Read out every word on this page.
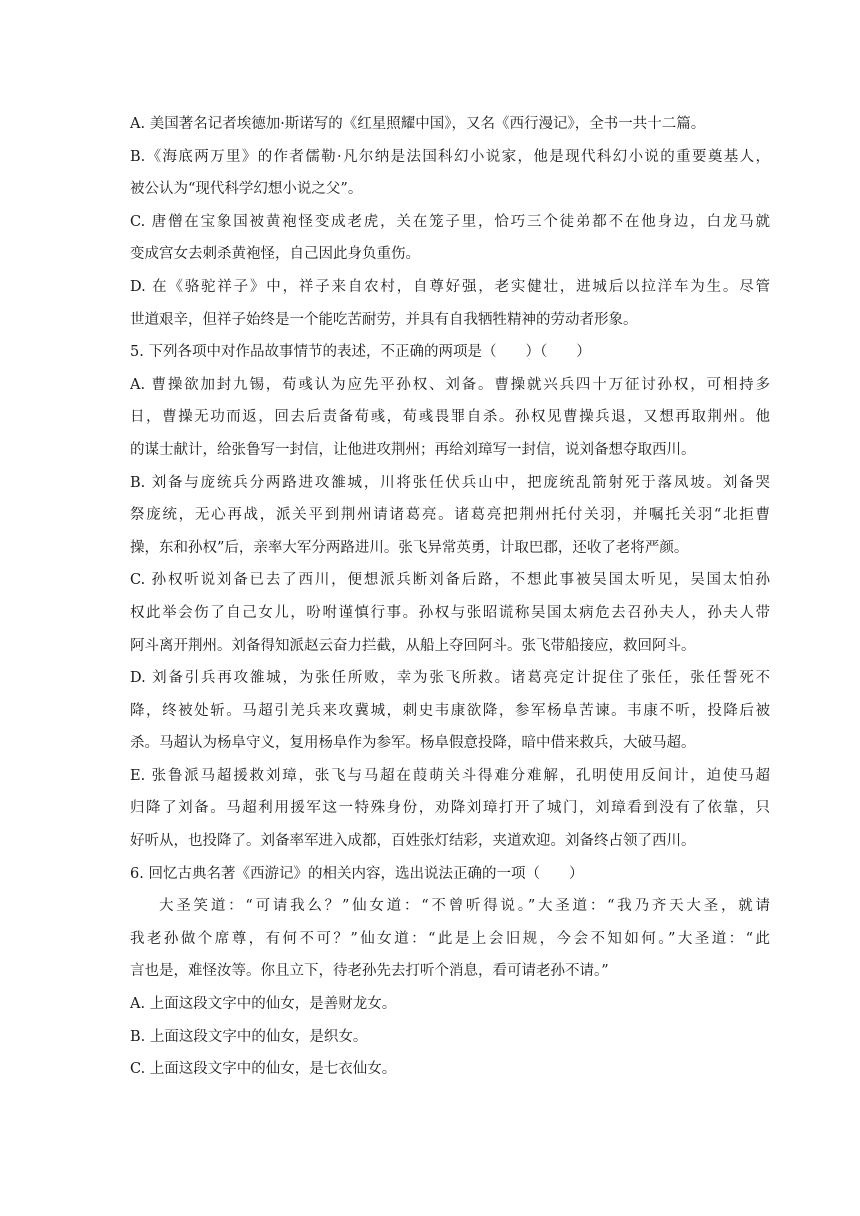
A. 美国著名记者埃德加·斯诺写的《红星照耀中国》，又名《西行漫记》，全书一共十二篇。
B.《海底两万里》的作者儒勒·凡尔纳是法国科幻小说家，他是现代科幻小说的重要奠基人，
被公认为“现代科学幻想小说之父”。
C. 唐僧在宝象国被黄袍怪变成老虎，关在笼子里，恰巧三个徒弟都不在他身边，白龙马就
变成宫女去刺杀黄袍怪，自己因此身负重伤。
D. 在《骆驼祥子》中，祥子来自农村，自尊好强，老实健壮，进城后以拉洋车为生。尽管
世道艰辛，但祥子始终是一个能吃苦耐劳，并具有自我牺牲精神的劳动者形象。
5. 下列各项中对作品故事情节的表述，不正确的两项是（　　）（　　）
A. 曹操欲加封九锡，荀彧认为应先平孙权、刘备。曹操就兴兵四十万征讨孙权，可相持多
日，曹操无功而返，回去后责备荀彧，荀彧畏罪自杀。孙权见曹操兵退，又想再取荆州。他
的谋士献计，给张鲁写一封信，让他进攻荆州；再给刘璋写一封信，说刘备想夺取西川。
B. 刘备与庞统兵分两路进攻雒城，川将张任伏兵山中，把庞统乱箭射死于落凤坡。刘备哭
祭庞统，无心再战，派关平到荆州请诸葛亮。诸葛亮把荆州托付关羽，并嘱托关羽“北拒曹
操，东和孙权”后，亲率大军分两路进川。张飞异常英勇，计取巴郡，还收了老将严颜。
C. 孙权听说刘备已去了西川，便想派兵断刘备后路，不想此事被吴国太听见，吴国太怕孙
权此举会伤了自己女儿，吩咐谨慎行事。孙权与张昭谎称吴国太病危去召孙夫人，孙夫人带
阿斗离开荆州。刘备得知派赵云奋力拦截，从船上夺回阿斗。张飞带船接应，救回阿斗。
D. 刘备引兵再攻雒城，为张任所败，幸为张飞所救。诸葛亮定计捉住了张任，张任誓死不
降，终被处斩。马超引羌兵来攻冀城，刺史韦康欲降，参军杨阜苦谏。韦康不听，投降后被
杀。马超认为杨阜守义，复用杨阜作为参军。杨阜假意投降，暗中借来救兵，大破马超。
E. 张鲁派马超援救刘璋，张飞与马超在葭萌关斗得难分难解，孔明使用反间计，迫使马超
归降了刘备。马超利用援军这一特殊身份，劝降刘璋打开了城门，刘璋看到没有了依靠，只
好听从，也投降了。刘备率军进入成都，百姓张灯结彩，夹道欢迎。刘备终占领了西川。
6. 回忆古典名著《西游记》的相关内容，选出说法正确的一项（　　）
大圣笑道：“可请我么？”仙女道：“不曾听得说。”大圣道：“我乃齐天大圣，就请
我老孙做个席尊，有何不可？”仙女道：“此是上会旧规，今会不知如何。”大圣道：“此
言也是，难怪汝等。你且立下，待老孙先去打听个消息，看可请老孙不请。”
A. 上面这段文字中的仙女，是善财龙女。
B. 上面这段文字中的仙女，是织女。
C. 上面这段文字中的仙女，是七衣仙女。
